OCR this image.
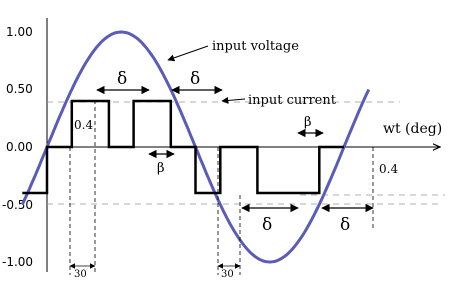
1.00
0.50
0.00
-0.50
-1.00
input voltage
input current
wt (deg)
0.4
0.4
δ	δ
β
β
δ	δ
30	30
